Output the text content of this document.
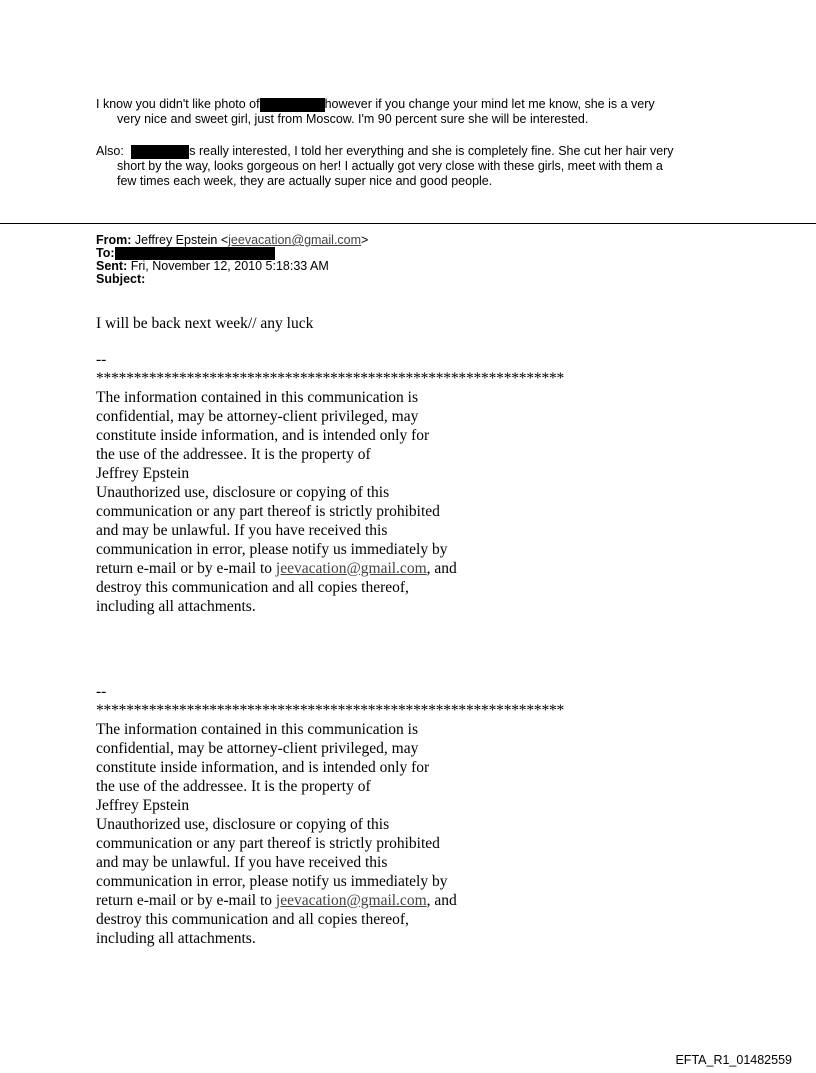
I know you didn't like photo of	however if you change your mind let me know, she is a very
very nice and sweet girl, just from Moscow. I'm 90 percent sure she will be interested.
Also:	s really interested, I told her everything and she is completely fine. She cut her hair very
short by the way, looks gorgeous on her! I actually got very close with these girls, meet with them a
few times each week, they are actually super nice and good people.
From: Jeffrey Epstein <jeevacation@gmail.com>
To:
Sent: Fri, November 12, 2010 5:18:33 AM
Subject:
I will be back next week// any luck
--
**************************************************************
The information contained in this communication is
confidential, may be attorney-client privileged, may
constitute inside information, and is intended only for
the use of the addressee. It is the property of
Jeffrey Epstein
Unauthorized use, disclosure or copying of this
communication or any part thereof is strictly prohibited
and may be unlawful. If you have received this
communication in error, please notify us immediately by
return e-mail or by e-mail to jeevacation@gmail.com, and
destroy this communication and all copies thereof,
including all attachments.
--
**************************************************************
The information contained in this communication is
confidential, may be attorney-client privileged, may
constitute inside information, and is intended only for
the use of the addressee. It is the property of
Jeffrey Epstein
Unauthorized use, disclosure or copying of this
communication or any part thereof is strictly prohibited
and may be unlawful. If you have received this
communication in error, please notify us immediately by
return e-mail or by e-mail to jeevacation@gmail.com, and
destroy this communication and all copies thereof,
including all attachments.
EFTA_R1_01482559
